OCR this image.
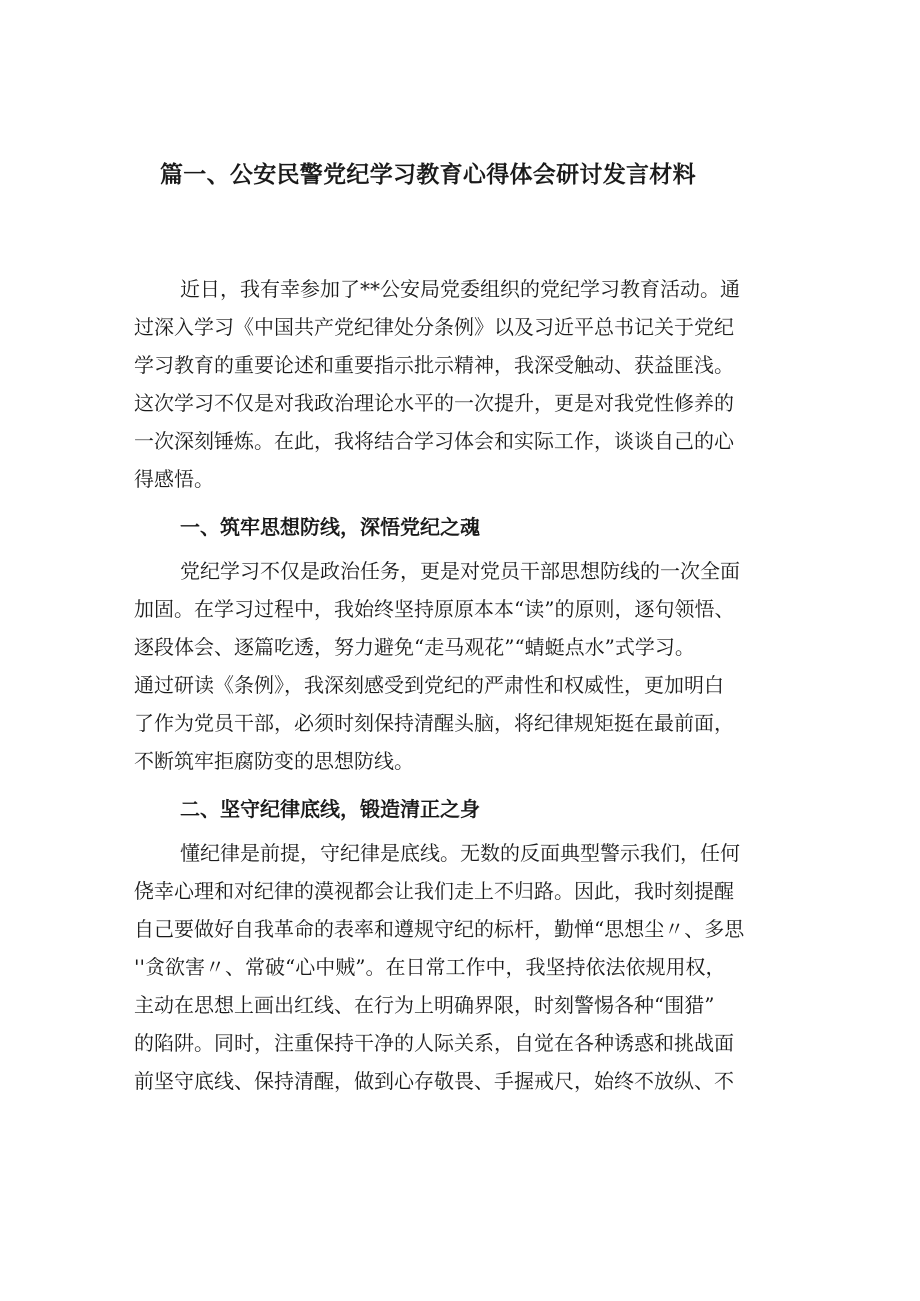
篇一、公安民警党纪学习教育心得体会研讨发言材料
近日，我有幸参加了**公安局党委组织的党纪学习教育活动。通
过深入学习《中国共产党纪律处分条例》以及习近平总书记关于党纪
学习教育的重要论述和重要指示批示精神，我深受触动、获益匪浅。
这次学习不仅是对我政治理论水平的一次提升，更是对我党性修养的
一次深刻锤炼。在此，我将结合学习体会和实际工作，谈谈自己的心
得感悟。
一、筑牢思想防线，深悟党纪之魂
党纪学习不仅是政治任务，更是对党员干部思想防线的一次全面
加固。在学习过程中，我始终坚持原原本本“读”的原则，逐句领悟、
逐段体会、逐篇吃透，努力避免“走马观花”“蜻蜓点水”式学习。
通过研读《条例》，我深刻感受到党纪的严肃性和权威性，更加明白
了作为党员干部，必须时刻保持清醒头脑，将纪律规矩挺在最前面，
不断筑牢拒腐防变的思想防线。
二、坚守纪律底线，锻造清正之身
懂纪律是前提，守纪律是底线。无数的反面典型警示我们，任何
侥幸心理和对纪律的漠视都会让我们走上不归路。因此，我时刻提醒
自己要做好自我革命的表率和遵规守纪的标杆，勤惮“思想尘〃、多思
''贪欲害〃、常破“心中贼”。在日常工作中，我坚持依法依规用权，
主动在思想上画出红线、在行为上明确界限，时刻警惕各种“围猎”
的陷阱。同时，注重保持干净的人际关系，自觉在各种诱惑和挑战面
前坚守底线、保持清醒，做到心存敬畏、手握戒尺，始终不放纵、不
